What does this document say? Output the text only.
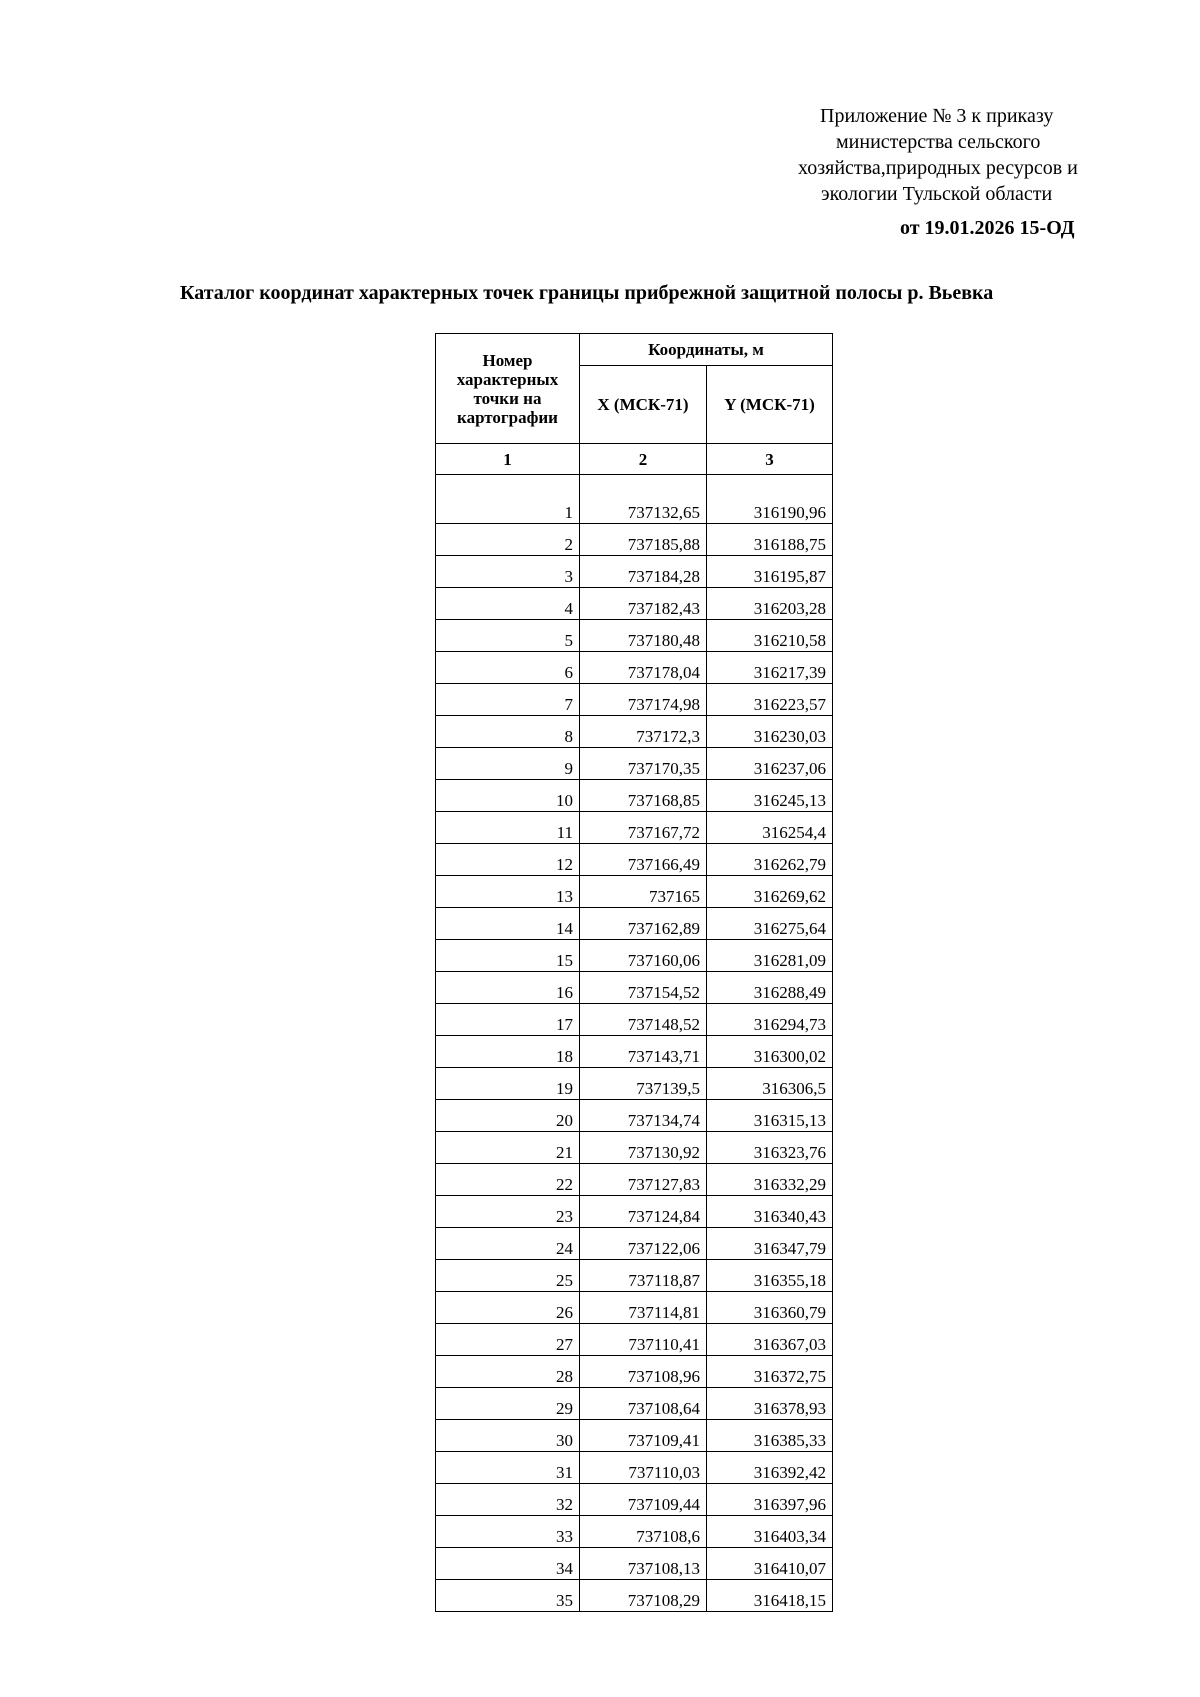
Приложение № 3 к приказу
министерства сельского
хозяйства,природных ресурсов и
экологии Тульской области
от 19.01.2026 15-ОД
Каталог координат характерных точек границы прибрежной защитной полосы р. Вьевка
Номер характерных точки на картографии	Координаты, м	
	X (МСК-71)	Y (МСК-71)
1	2	3

1	737132,65	316190,96
2	737185,88	316188,75
3	737184,28	316195,87
4	737182,43	316203,28
5	737180,48	316210,58
6	737178,04	316217,39
7	737174,98	316223,57
8	737172,3	316230,03
9	737170,35	316237,06
10	737168,85	316245,13
11	737167,72	316254,4
12	737166,49	316262,79
13	737165	316269,62
14	737162,89	316275,64
15	737160,06	316281,09
16	737154,52	316288,49
17	737148,52	316294,73
18	737143,71	316300,02
19	737139,5	316306,5
20	737134,74	316315,13
21	737130,92	316323,76
22	737127,83	316332,29
23	737124,84	316340,43
24	737122,06	316347,79
25	737118,87	316355,18
26	737114,81	316360,79
27	737110,41	316367,03
28	737108,96	316372,75
29	737108,64	316378,93
30	737109,41	316385,33
31	737110,03	316392,42
32	737109,44	316397,96
33	737108,6	316403,34
34	737108,13	316410,07
35	737108,29	316418,15
